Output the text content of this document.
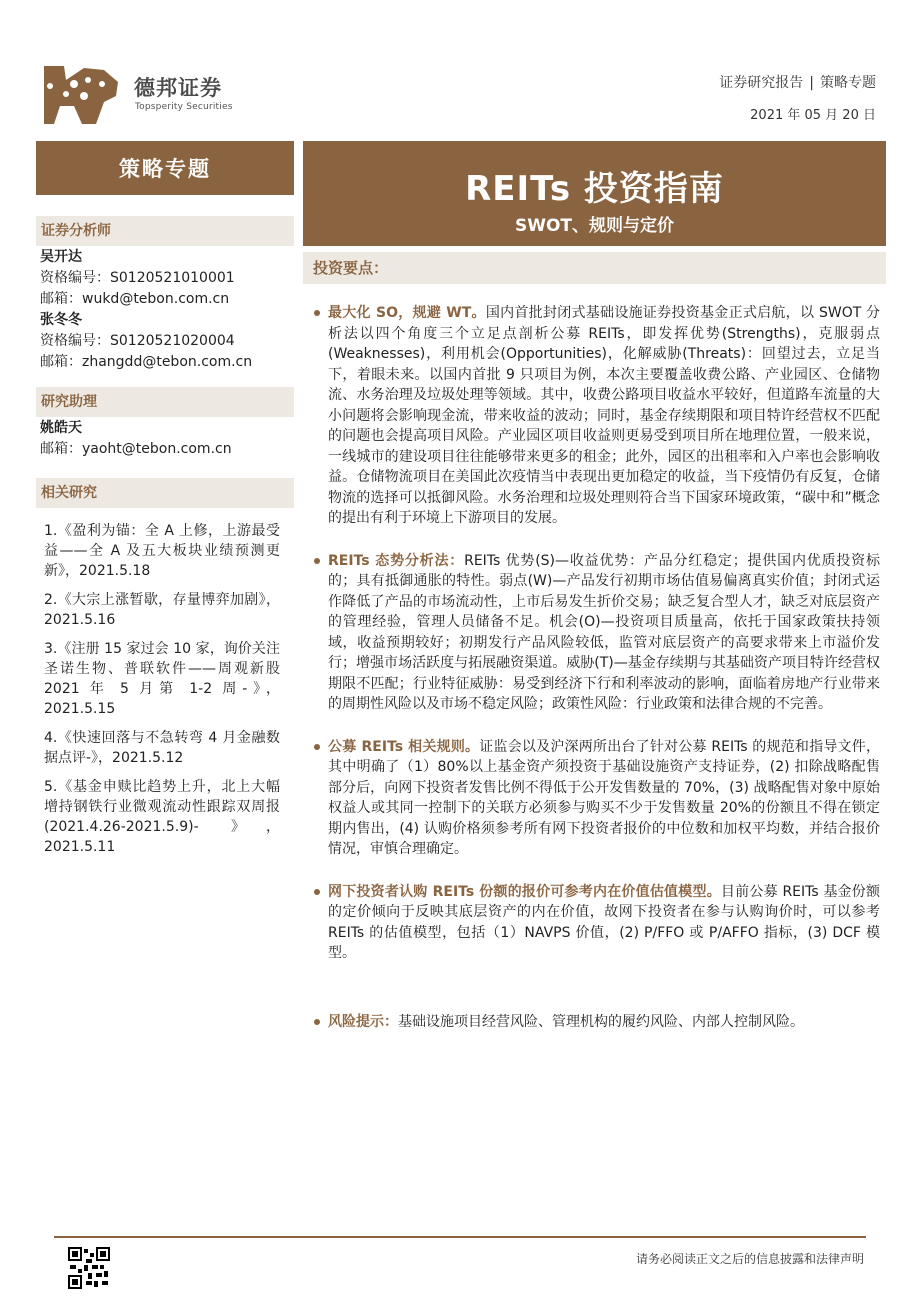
德邦证券
Topsperity Securities
证券研究报告 | 策略专题
2021 年 05 月 20 日
策略专题	REITs 投资指南
SWOT、规则与定价
证券分析师
吴开达
资格编号：S0120521010001
邮箱：wukd@tebon.com.cn
张冬冬
资格编号：S0120521020004
邮箱：zhangdd@tebon.com.cn
研究助理
姚皓天
邮箱：yaoht@tebon.com.cn
相关研究
1.《盈利为锚：全 A 上修，上游最受益——全 A 及五大板块业绩预测更新》，2021.5.18
2.《大宗上涨暂歇，存量博弈加剧》，2021.5.16
3.《注册 15 家过会 10 家，询价关注圣诺生物、普联软件——周观新股 2021 年 5 月第 1-2 周-》，2021.5.15
4.《快速回落与不急转弯 4 月金融数据点评-》，2021.5.12
5.《基金申赎比趋势上升，北上大幅增持钢铁行业微观流动性跟踪双周报 (2021.4.26-2021.5.9)- 》，2021.5.11
投资要点：
最大化 SO，规避 WT。国内首批封闭式基础设施证券投资基金正式启航，以 SWOT 分析法以四个角度三个立足点剖析公募 REITs，即发挥优势(Strengths)，克服弱点(Weaknesses)，利用机会(Opportunities)，化解威胁(Threats)：回望过去，立足当下，着眼未来。以国内首批 9 只项目为例，本次主要覆盖收费公路、产业园区、仓储物流、水务治理及垃圾处理等领域。其中，收费公路项目收益水平较好，但道路车流量的大小问题将会影响现金流，带来收益的波动；同时，基金存续期限和项目特许经营权不匹配的问题也会提高项目风险。产业园区项目收益则更易受到项目所在地理位置，一般来说，一线城市的建设项目往往能够带来更多的租金；此外，园区的出租率和入户率也会影响收益。仓储物流项目在美国此次疫情当中表现出更加稳定的收益，当下疫情仍有反复，仓储物流的选择可以抵御风险。水务治理和垃圾处理则符合当下国家环境政策，“碳中和”概念的提出有利于环境上下游项目的发展。
REITs 态势分析法：REITs 优势(S)—收益优势：产品分红稳定；提供国内优质投资标的；具有抵御通胀的特性。弱点(W)—产品发行初期市场估值易偏离真实价值；封闭式运作降低了产品的市场流动性，上市后易发生折价交易；缺乏复合型人才，缺乏对底层资产的管理经验，管理人员储备不足。机会(O)—投资项目质量高，依托于国家政策扶持领域，收益预期较好；初期发行产品风险较低，监管对底层资产的高要求带来上市溢价发行；增强市场活跃度与拓展融资渠道。威胁(T)—基金存续期与其基础资产项目特许经营权期限不匹配；行业特征威胁：易受到经济下行和利率波动的影响，面临着房地产行业带来的周期性风险以及市场不稳定风险；政策性风险：行业政策和法律合规的不完善。
公募 REITs 相关规则。证监会以及沪深两所出台了针对公募 REITs 的规范和指导文件，其中明确了（1）80%以上基金资产须投资于基础设施资产支持证券，(2) 扣除战略配售部分后，向网下投资者发售比例不得低于公开发售数量的 70%，(3) 战略配售对象中原始权益人或其同一控制下的关联方必须参与购买不少于发售数量 20%的份额且不得在锁定期内售出，(4) 认购价格须参考所有网下投资者报价的中位数和加权平均数，并结合报价情况，审慎合理确定。
网下投资者认购 REITs 份额的报价可参考内在价值估值模型。目前公募 REITs 基金份额的定价倾向于反映其底层资产的内在价值，故网下投资者在参与认购询价时，可以参考 REITs 的估值模型，包括（1）NAVPS 价值，(2) P/FFO 或 P/AFFO 指标，(3) DCF 模型。
风险提示：基础设施项目经营风险、管理机构的履约风险、内部人控制风险。
请务必阅读正文之后的信息披露和法律声明
